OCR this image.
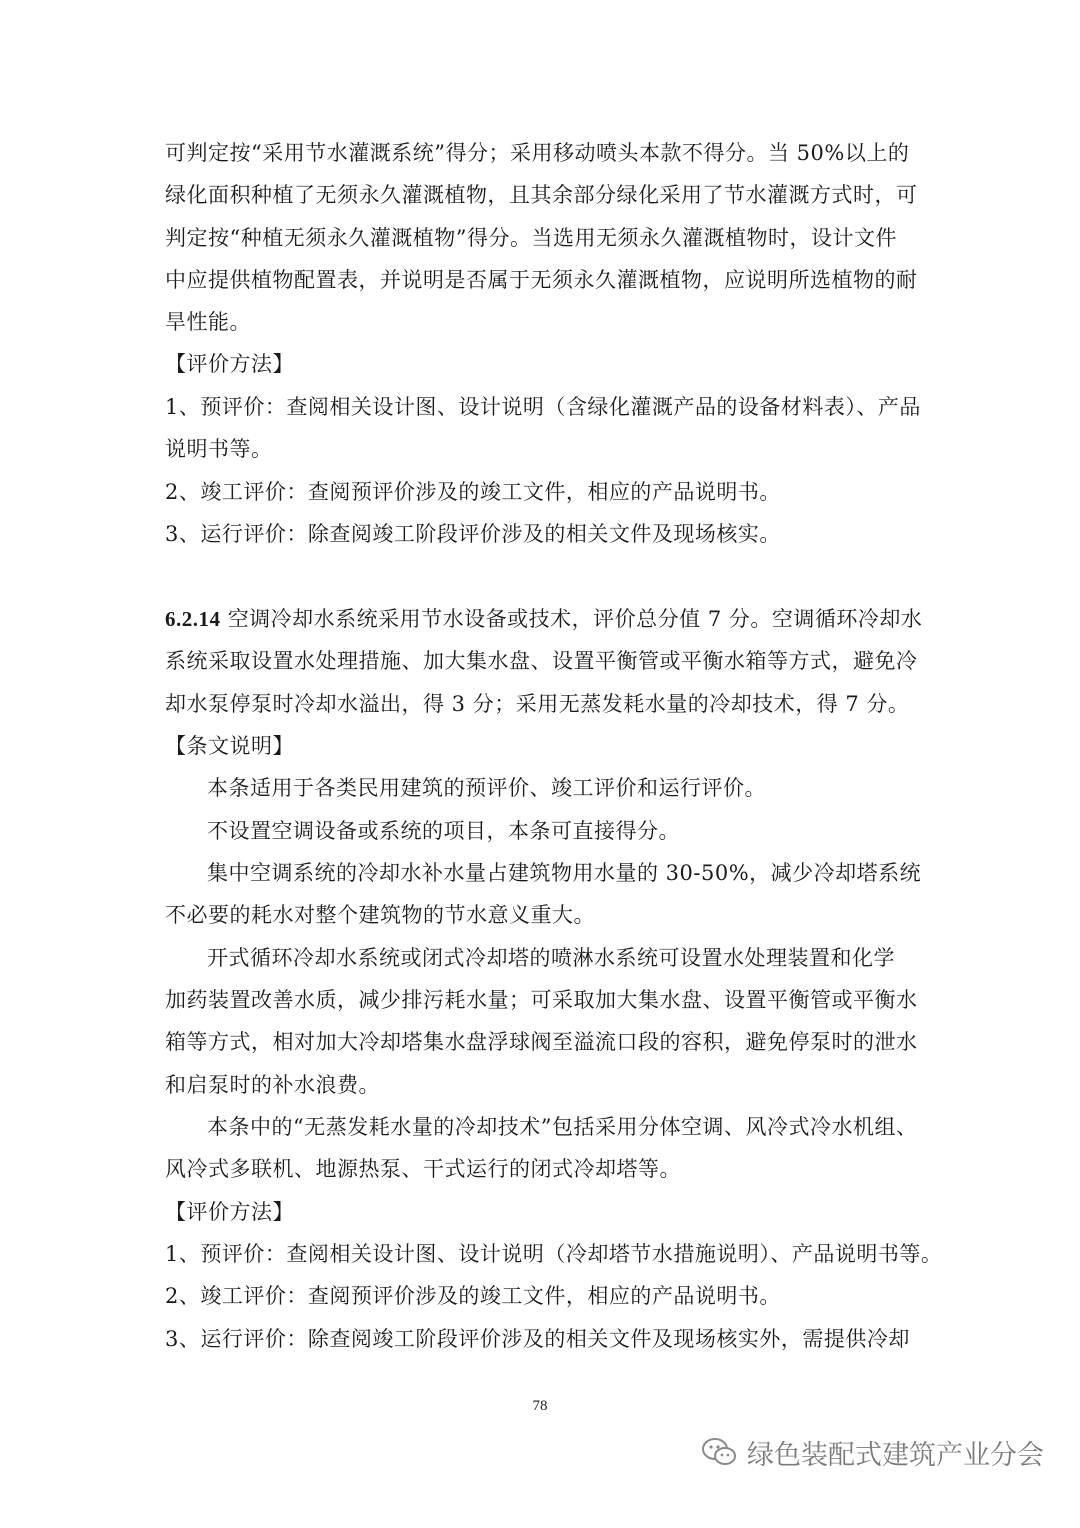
可判定按“采用节水灌溉系统”得分；采用移动喷头本款不得分。当 50%以上的
绿化面积种植了无须永久灌溉植物，且其余部分绿化采用了节水灌溉方式时，可
判定按“种植无须永久灌溉植物”得分。当选用无须永久灌溉植物时，设计文件
中应提供植物配置表，并说明是否属于无须永久灌溉植物，应说明所选植物的耐
旱性能。
【评价方法】
1、预评价：查阅相关设计图、设计说明（含绿化灌溉产品的设备材料表）、产品
说明书等。
2、竣工评价：查阅预评价涉及的竣工文件，相应的产品说明书。
3、运行评价：除查阅竣工阶段评价涉及的相关文件及现场核实。
6.2.14 空调冷却水系统采用节水设备或技术，评价总分值 7 分。空调循环冷却水
系统采取设置水处理措施、加大集水盘、设置平衡管或平衡水箱等方式，避免冷
却水泵停泵时冷却水溢出，得 3 分；采用无蒸发耗水量的冷却技术，得 7 分。
【条文说明】
本条适用于各类民用建筑的预评价、竣工评价和运行评价。
不设置空调设备或系统的项目，本条可直接得分。
集中空调系统的冷却水补水量占建筑物用水量的 30-50%，减少冷却塔系统
不必要的耗水对整个建筑物的节水意义重大。
开式循环冷却水系统或闭式冷却塔的喷淋水系统可设置水处理装置和化学
加药装置改善水质，减少排污耗水量；可采取加大集水盘、设置平衡管或平衡水
箱等方式，相对加大冷却塔集水盘浮球阀至溢流口段的容积，避免停泵时的泄水
和启泵时的补水浪费。
本条中的“无蒸发耗水量的冷却技术”包括采用分体空调、风冷式冷水机组、
风冷式多联机、地源热泵、干式运行的闭式冷却塔等。
【评价方法】
1、预评价：查阅相关设计图、设计说明（冷却塔节水措施说明）、产品说明书等。
2、竣工评价：查阅预评价涉及的竣工文件，相应的产品说明书。
3、运行评价：除查阅竣工阶段评价涉及的相关文件及现场核实外，需提供冷却
78
绿色装配式建筑产业分会
